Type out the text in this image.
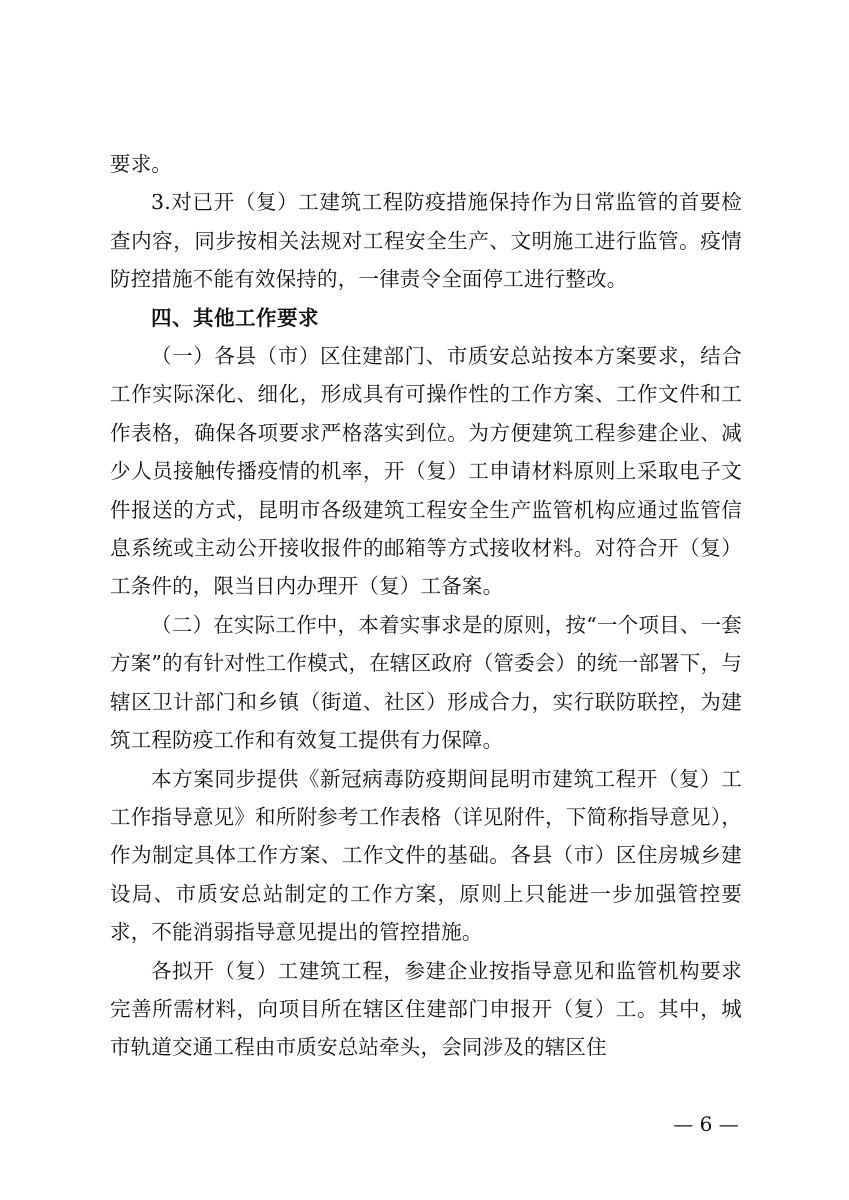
要求。

3.对已开（复）工建筑工程防疫措施保持作为日常监管的首要检查内容，同步按相关法规对工程安全生产、文明施工进行监管。疫情防控措施不能有效保持的，一律责令全面停工进行整改。

四、其他工作要求

（一）各县（市）区住建部门、市质安总站按本方案要求，结合工作实际深化、细化，形成具有可操作性的工作方案、工作文件和工作表格，确保各项要求严格落实到位。为方便建筑工程参建企业、减少人员接触传播疫情的机率，开（复）工申请材料原则上采取电子文件报送的方式，昆明市各级建筑工程安全生产监管机构应通过监管信息系统或主动公开接收报件的邮箱等方式接收材料。对符合开（复）工条件的，限当日内办理开（复）工备案。

（二）在实际工作中，本着实事求是的原则，按“一个项目、一套方案”的有针对性工作模式，在辖区政府（管委会）的统一部署下，与辖区卫计部门和乡镇（街道、社区）形成合力，实行联防联控，为建筑工程防疫工作和有效复工提供有力保障。

本方案同步提供《新冠病毒防疫期间昆明市建筑工程开（复）工工作指导意见》和所附参考工作表格（详见附件，下简称指导意见），作为制定具体工作方案、工作文件的基础。各县（市）区住房城乡建设局、市质安总站制定的工作方案，原则上只能进一步加强管控要求，不能消弱指导意见提出的管控措施。

各拟开（复）工建筑工程，参建企业按指导意见和监管机构要求完善所需材料，向项目所在辖区住建部门申报开（复）工。其中，城市轨道交通工程由市质安总站牵头，会同涉及的辖区住

— 6 —
